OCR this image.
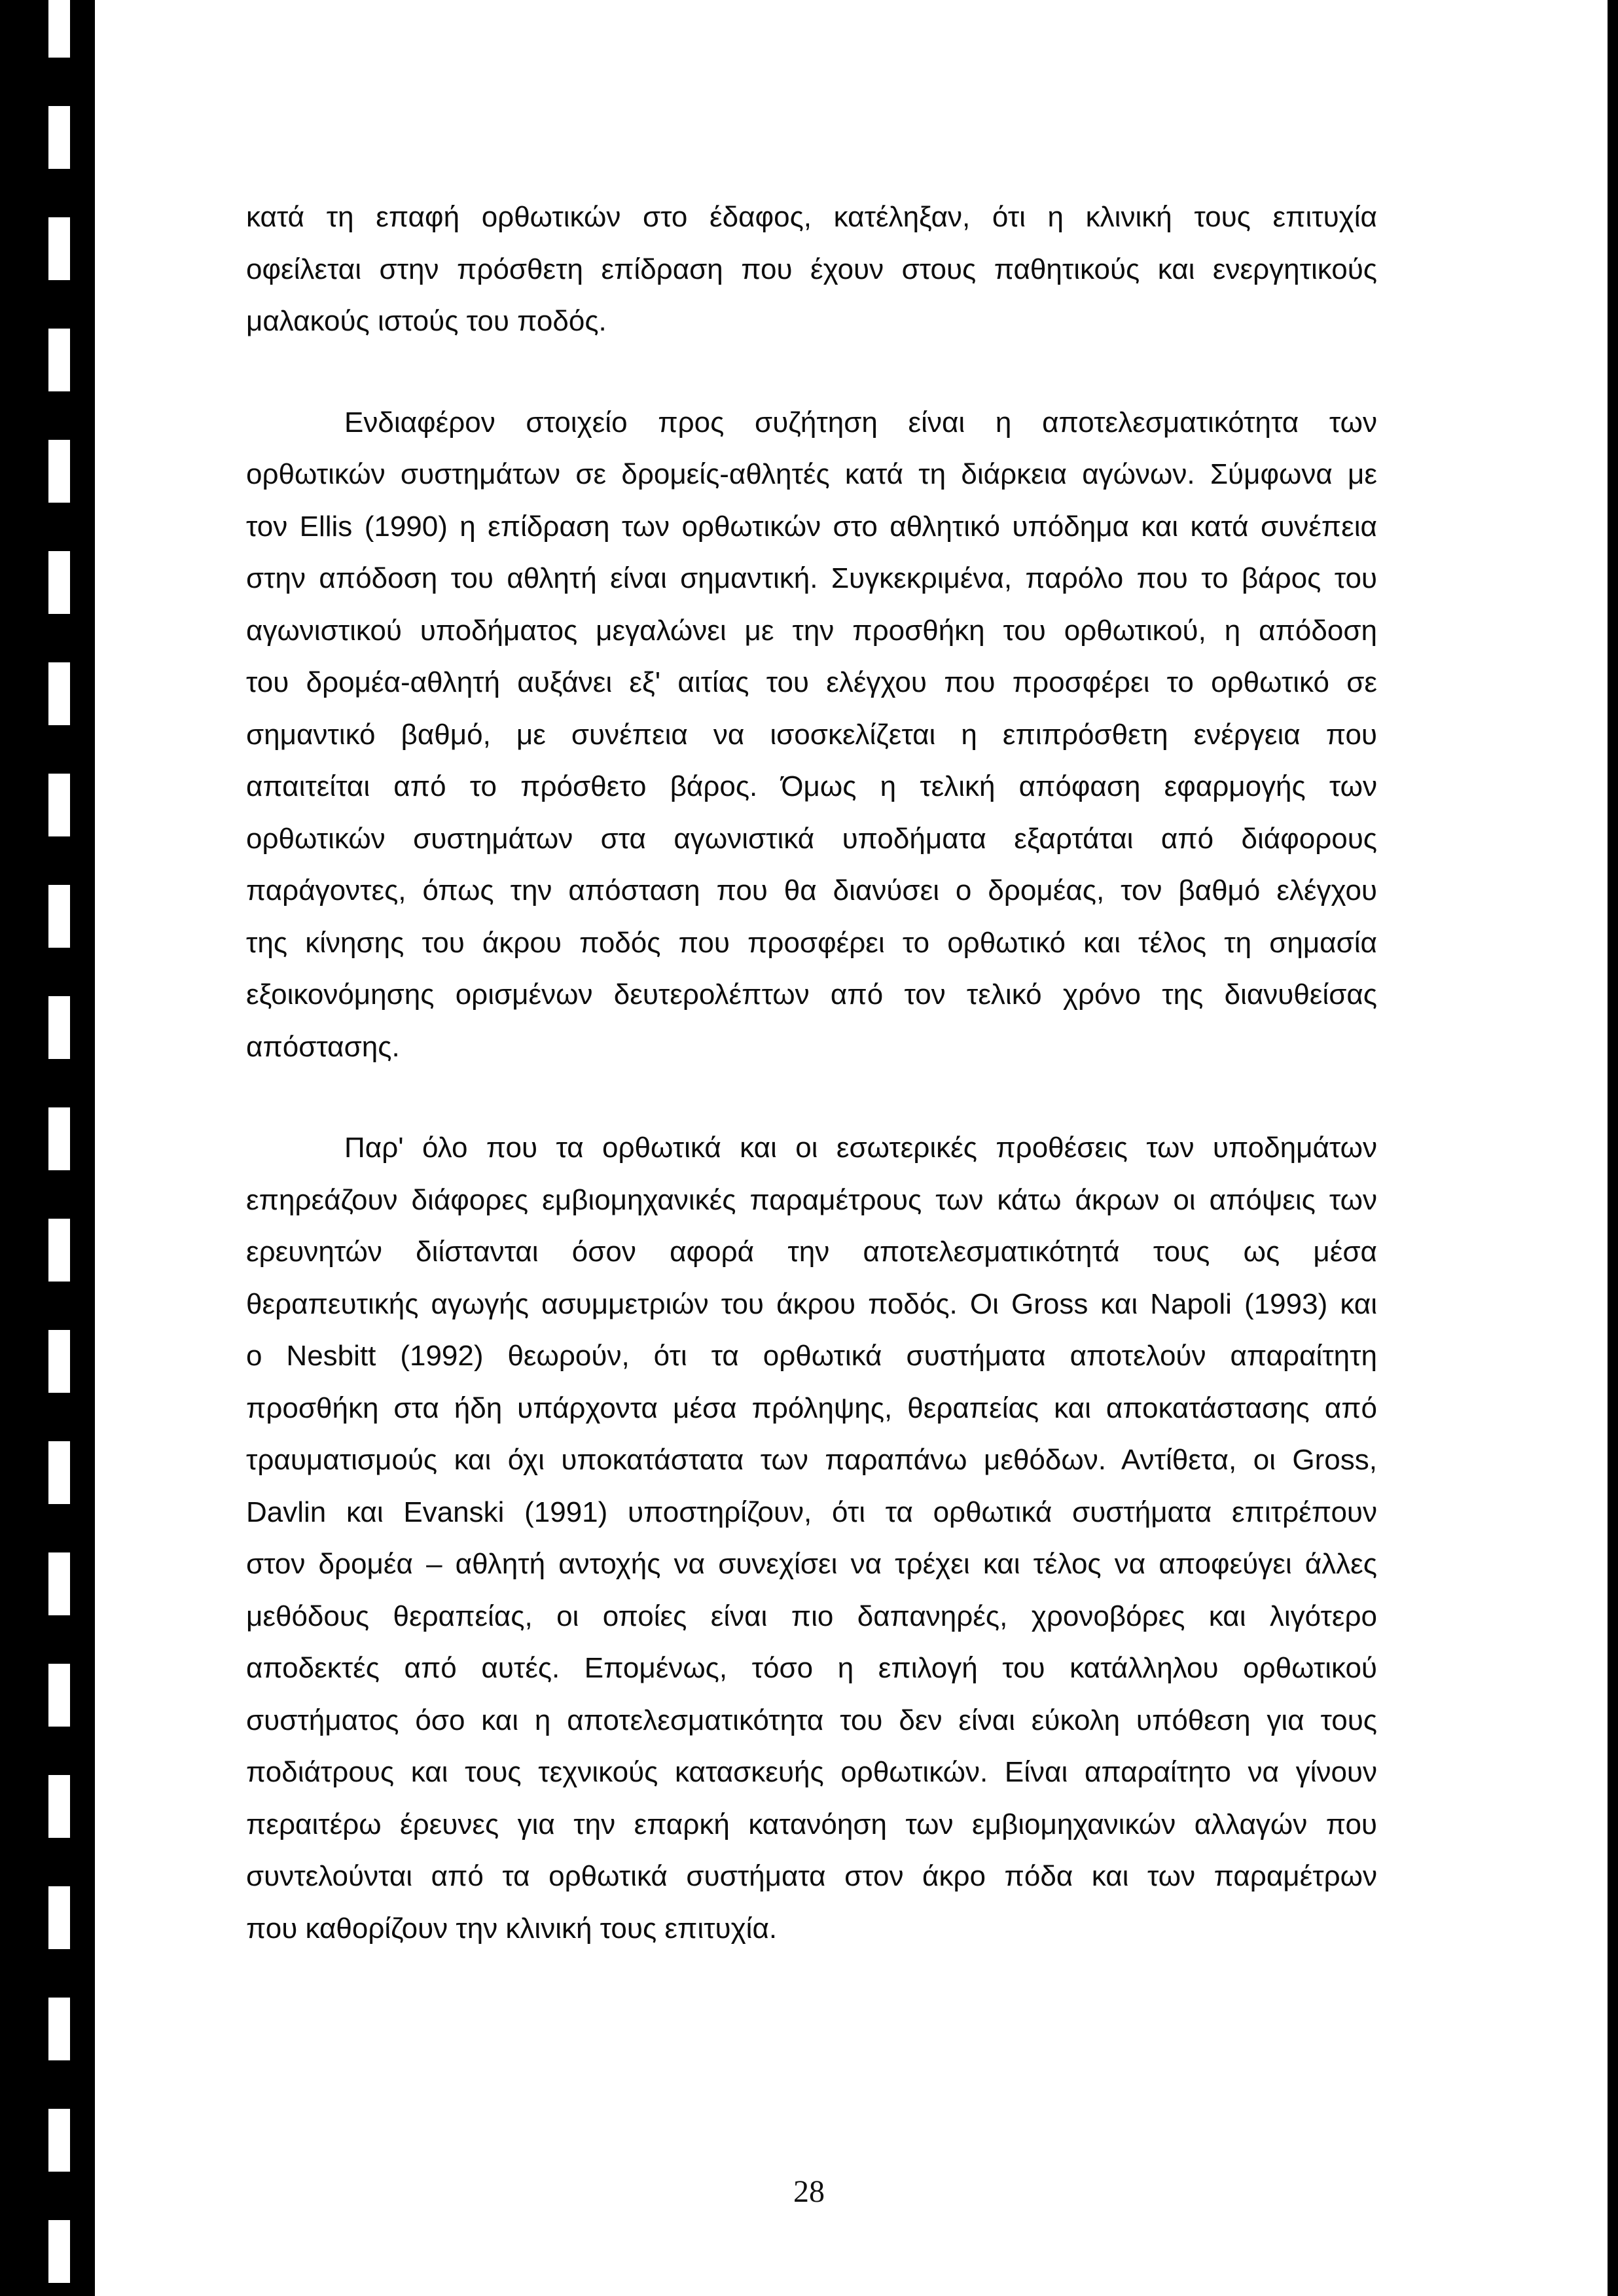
κατά τη επαφή ορθωτικών στο έδαφος, κατέληξαν, ότι η κλινική τους επιτυχία
οφείλεται στην πρόσθετη επίδραση που έχουν στους παθητικούς και ενεργητικούς
μαλακούς ιστούς του ποδός.
Ενδιαφέρον στοιχείο προς συζήτηση είναι η αποτελεσματικότητα των
ορθωτικών συστημάτων σε δρομείς-αθλητές κατά τη διάρκεια αγώνων. Σύμφωνα με
τον Ellis (1990) η επίδραση των ορθωτικών στο αθλητικό υπόδημα και κατά συνέπεια
στην απόδοση του αθλητή είναι σημαντική. Συγκεκριμένα, παρόλο που το βάρος του
αγωνιστικού υποδήματος μεγαλώνει με την προσθήκη του ορθωτικού, η απόδοση
του δρομέα-αθλητή αυξάνει εξ' αιτίας του ελέγχου που προσφέρει το ορθωτικό σε
σημαντικό βαθμό, με συνέπεια να ισοσκελίζεται η επιπρόσθετη ενέργεια που
απαιτείται από το πρόσθετο βάρος. Όμως η τελική απόφαση εφαρμογής των
ορθωτικών συστημάτων στα αγωνιστικά υποδήματα εξαρτάται από διάφορους
παράγοντες, όπως την απόσταση που θα διανύσει ο δρομέας, τον βαθμό ελέγχου
της κίνησης του άκρου ποδός που προσφέρει το ορθωτικό και τέλος τη σημασία
εξοικονόμησης ορισμένων δευτερολέπτων από τον τελικό χρόνο της διανυθείσας
απόστασης.
Παρ' όλο που τα ορθωτικά και οι εσωτερικές προθέσεις των υποδημάτων
επηρεάζουν διάφορες εμβιομηχανικές παραμέτρους των κάτω άκρων οι απόψεις των
ερευνητών διίστανται όσον αφορά την αποτελεσματικότητά τους ως μέσα
θεραπευτικής αγωγής ασυμμετριών του άκρου ποδός. Οι Gross και Napoli (1993) και
ο Nesbitt (1992) θεωρούν, ότι τα ορθωτικά συστήματα αποτελούν απαραίτητη
προσθήκη στα ήδη υπάρχοντα μέσα πρόληψης, θεραπείας και αποκατάστασης από
τραυματισμούς και όχι υποκατάστατα των παραπάνω μεθόδων. Αντίθετα, οι Gross,
Davlin και Evanski (1991) υποστηρίζουν, ότι τα ορθωτικά συστήματα επιτρέπουν
στον δρομέα – αθλητή αντοχής να συνεχίσει να τρέχει και τέλος να αποφεύγει άλλες
μεθόδους θεραπείας, οι οποίες είναι πιο δαπανηρές, χρονοβόρες και λιγότερο
αποδεκτές από αυτές. Επομένως, τόσο η επιλογή του κατάλληλου ορθωτικού
συστήματος όσο και η αποτελεσματικότητα του δεν είναι εύκολη υπόθεση για τους
ποδιάτρους και τους τεχνικούς κατασκευής ορθωτικών. Είναι απαραίτητο να γίνουν
περαιτέρω έρευνες για την επαρκή κατανόηση των εμβιομηχανικών αλλαγών που
συντελούνται από τα ορθωτικά συστήματα στον άκρο πόδα και των παραμέτρων
που καθορίζουν την κλινική τους επιτυχία.
28
